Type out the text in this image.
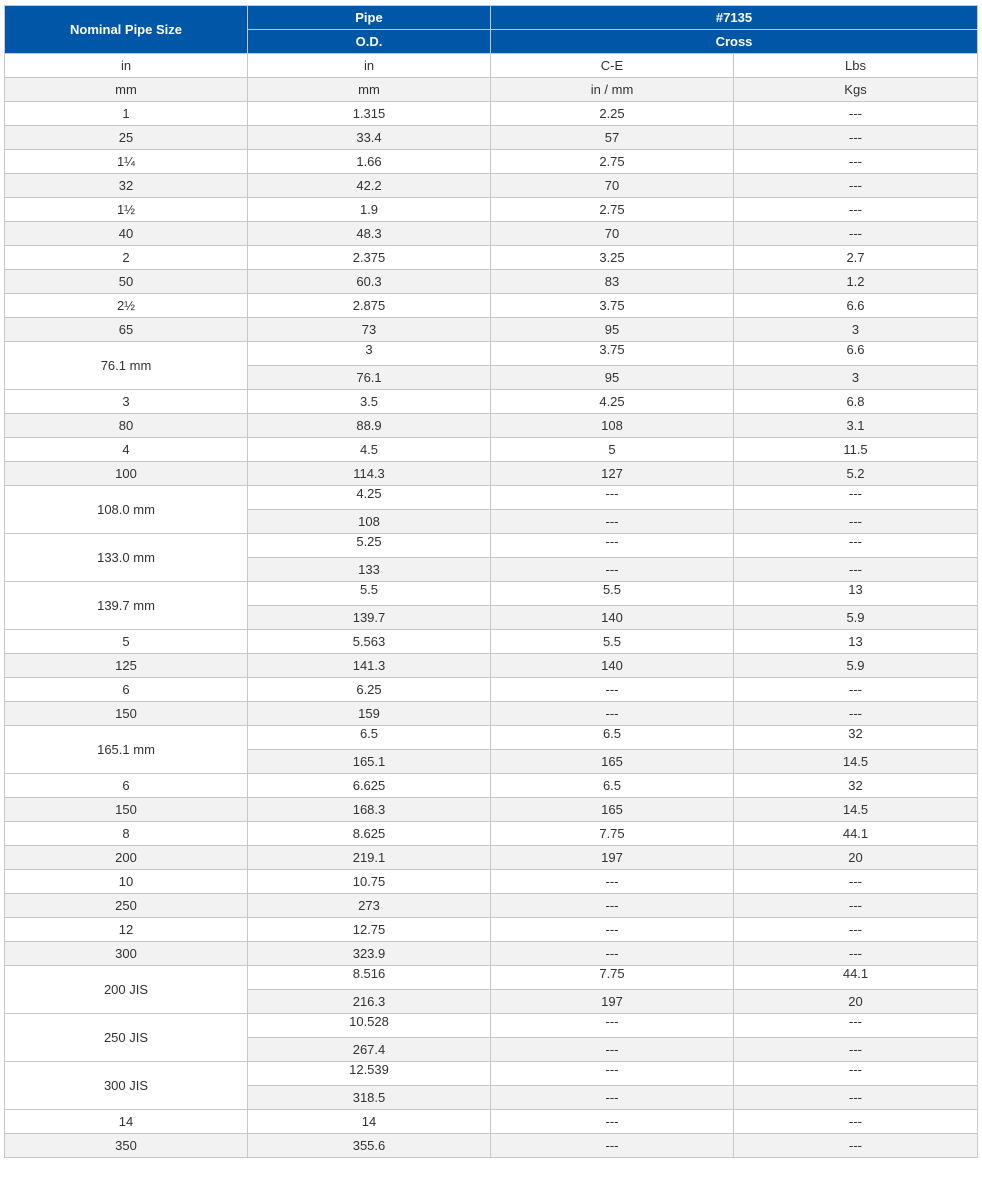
Nominal Pipe Size	Pipe	#7135	
	O.D.	Cross	
in	in	C-E	Lbs
mm	mm	in / mm	Kgs
1	1.315	2.25	---
25	33.4	57	---
1¼	1.66	2.75	---
32	42.2	70	---
1½	1.9	2.75	---
40	48.3	70	---
2	2.375	3.25	2.7
50	60.3	83	1.2
2½	2.875	3.75	6.6
65	73	95	3
76.1 mm	3	3.75	6.6
	76.1	95	3
3	3.5	4.25	6.8
80	88.9	108	3.1
4	4.5	5	11.5
100	114.3	127	5.2
108.0 mm	4.25	---	---
	108	---	---
133.0 mm	5.25	---	---
	133	---	---
139.7 mm	5.5	5.5	13
	139.7	140	5.9
5	5.563	5.5	13
125	141.3	140	5.9
6	6.25	---	---
150	159	---	---
165.1 mm	6.5	6.5	32
	165.1	165	14.5
6	6.625	6.5	32
150	168.3	165	14.5
8	8.625	7.75	44.1
200	219.1	197	20
10	10.75	---	---
250	273	---	---
12	12.75	---	---
300	323.9	---	---
200 JIS	8.516	7.75	44.1
	216.3	197	20
250 JIS	10.528	---	---
	267.4	---	---
300 JIS	12.539	---	---
	318.5	---	---
14	14	---	---
350	355.6	---	---
